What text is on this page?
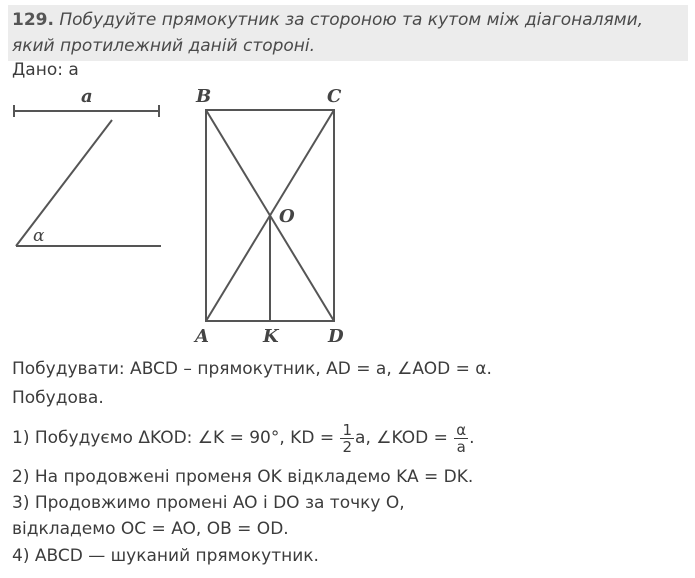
129. Побудуйте прямокутник за стороною та кутом між діагоналями,
який протилежний даній стороні.
Дано: a
a
α
B	C
O
A	K	D
Побудувати: ABCD – прямокутник, AD = a, ∠AOD = α.
Побудова.
1) Побудуємо ΔKOD: ∠K = 90°, KD = $\frac{1}{2} a$, ∠KOD = $\frac{\alpha}{a}$ .
2) На продовжені променя OK відкладемо KA = DK.
3) Продовжимо промені AO і DO за точку O,
відкладемо OC = AO, OB = OD.
4) ABCD — шуканий прямокутник.
